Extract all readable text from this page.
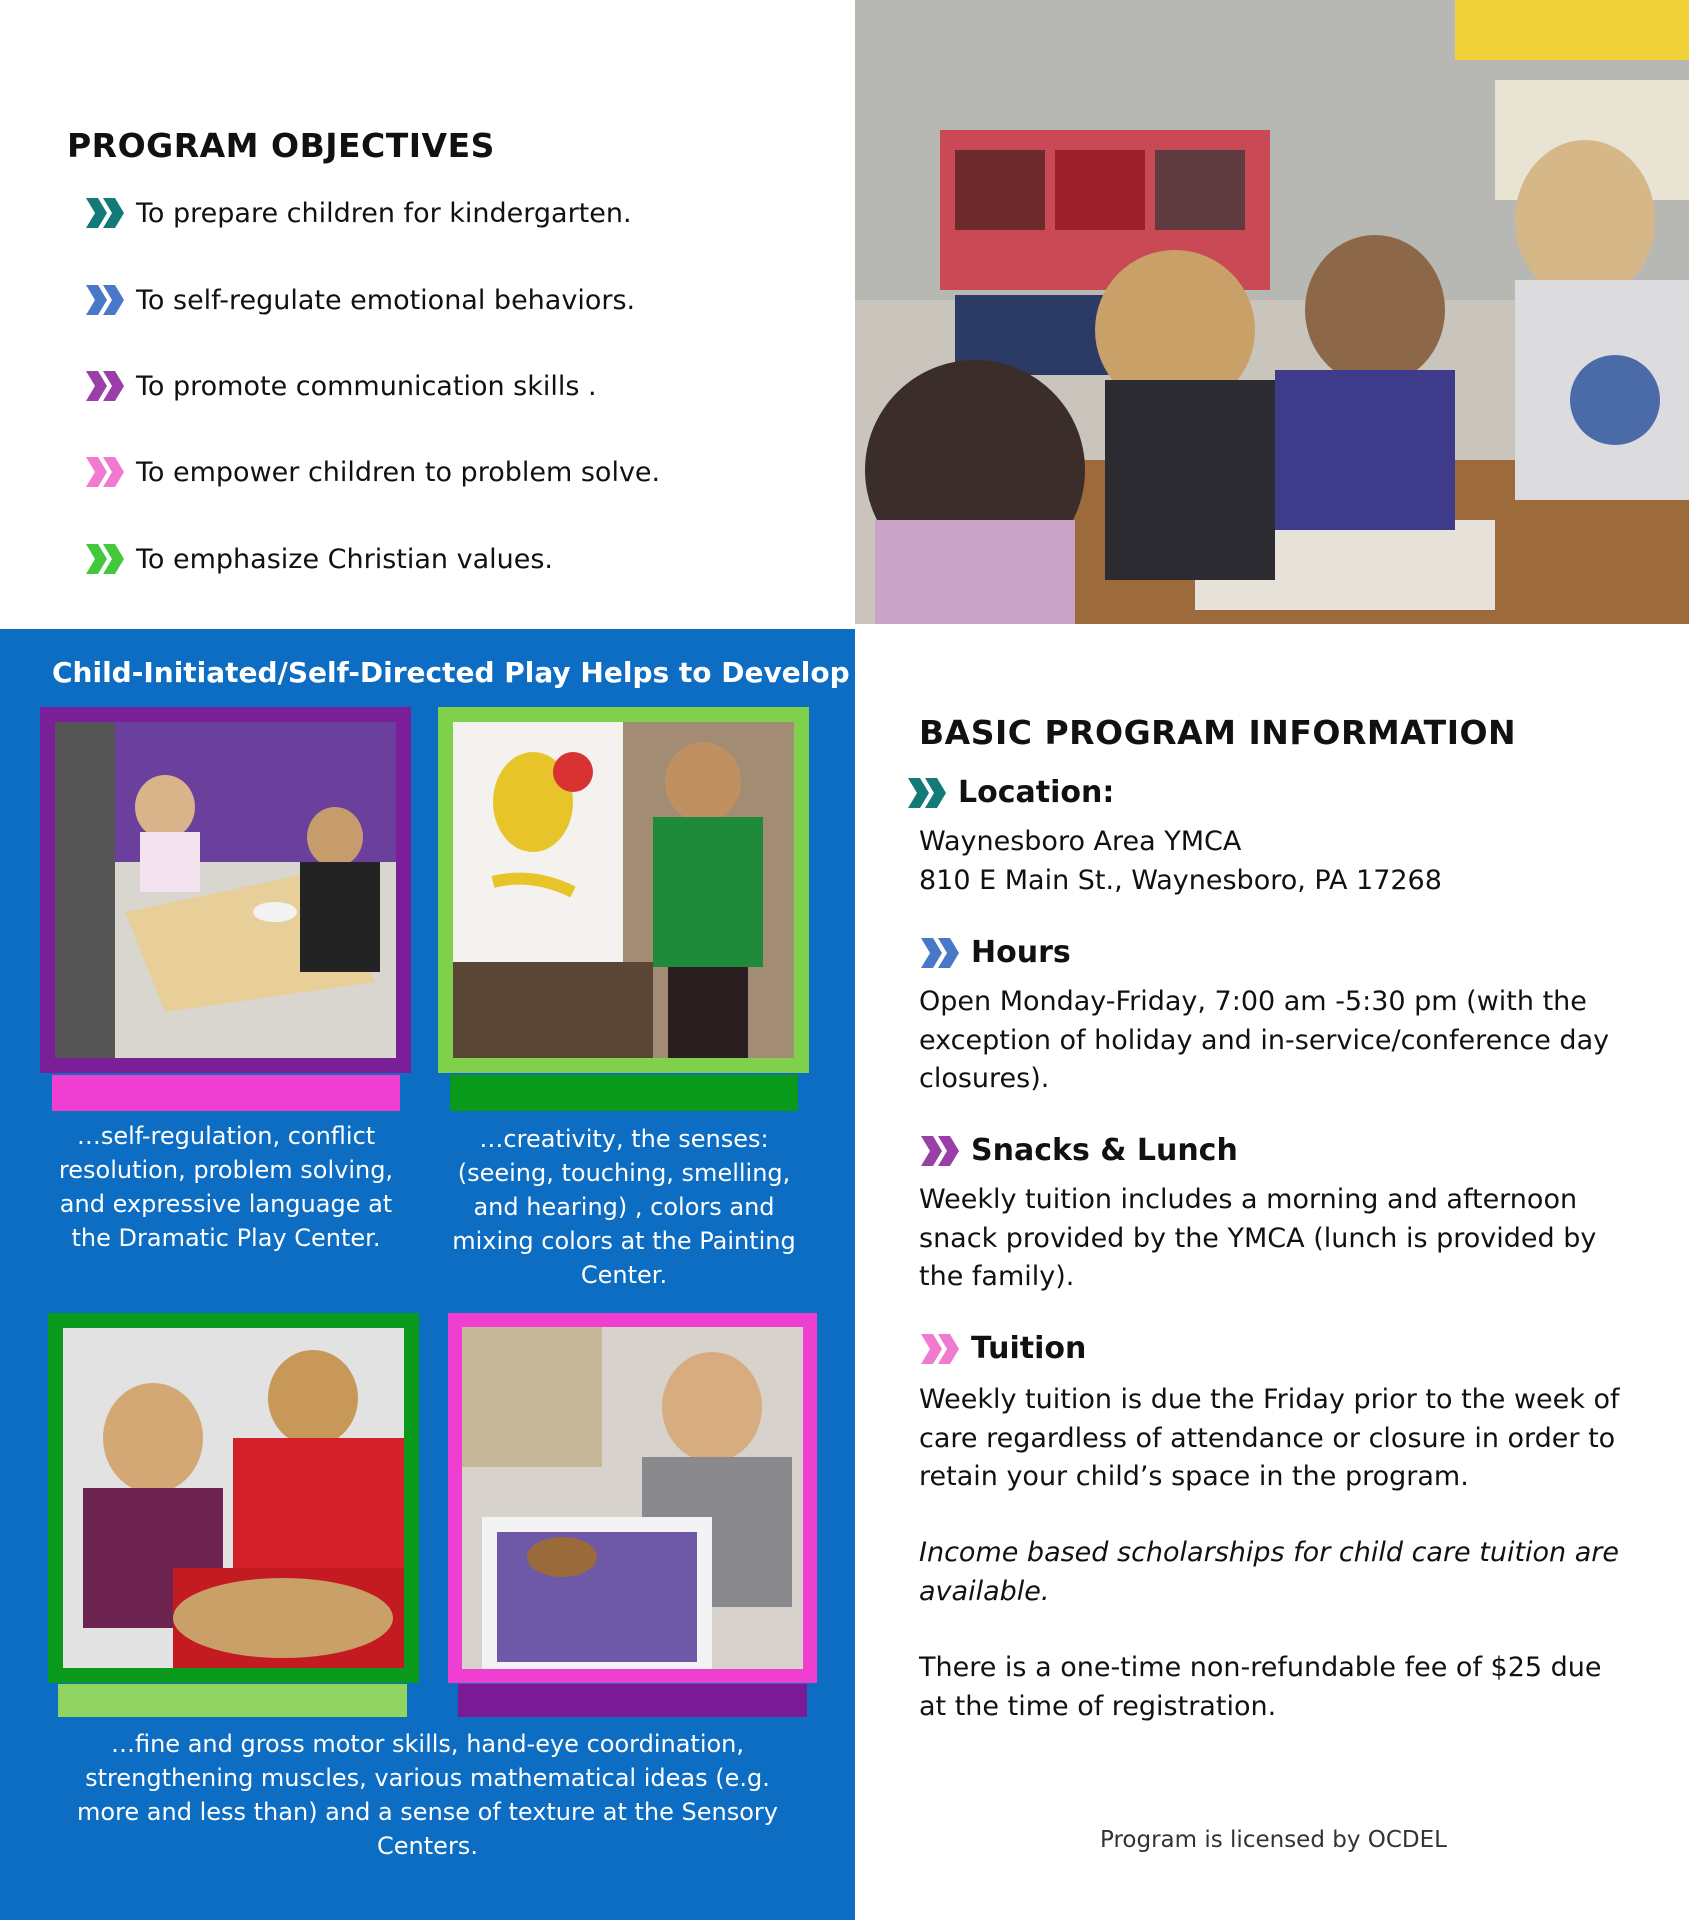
PROGRAM OBJECTIVES
To prepare children for kindergarten.
To self-regulate emotional behaviors.
To promote communication skills .
To empower children to problem solve.
To emphasize Christian values.
Child-Initiated/Self-Directed Play Helps to Develop …
…self-regulation, conflict resolution, problem solving, and expressive language at the Dramatic Play Center.
…creativity, the senses: (seeing, touching, smelling, and hearing) , colors and mixing colors at the Painting Center.
…fine and gross motor skills, hand-eye coordination, strengthening muscles, various mathematical ideas (e.g. more and less than) and a sense of texture at the Sensory Centers.
BASIC PROGRAM INFORMATION
Location:
Waynesboro Area YMCA
810 E Main St., Waynesboro, PA 17268
Hours
Open Monday-Friday, 7:00 am -5:30 pm (with the
exception of holiday and in-service/conference day
closures).
Snacks & Lunch
Weekly tuition includes a morning and afternoon
snack provided by the YMCA (lunch is provided by
the family).
Tuition
Weekly tuition is due the Friday prior to the week of
care regardless of attendance or closure in order to
retain your child’s space in the program.
Income based scholarships for child care tuition are
available.
There is a one-time non-refundable fee of $25 due
at the time of registration.
Program is licensed by OCDEL
